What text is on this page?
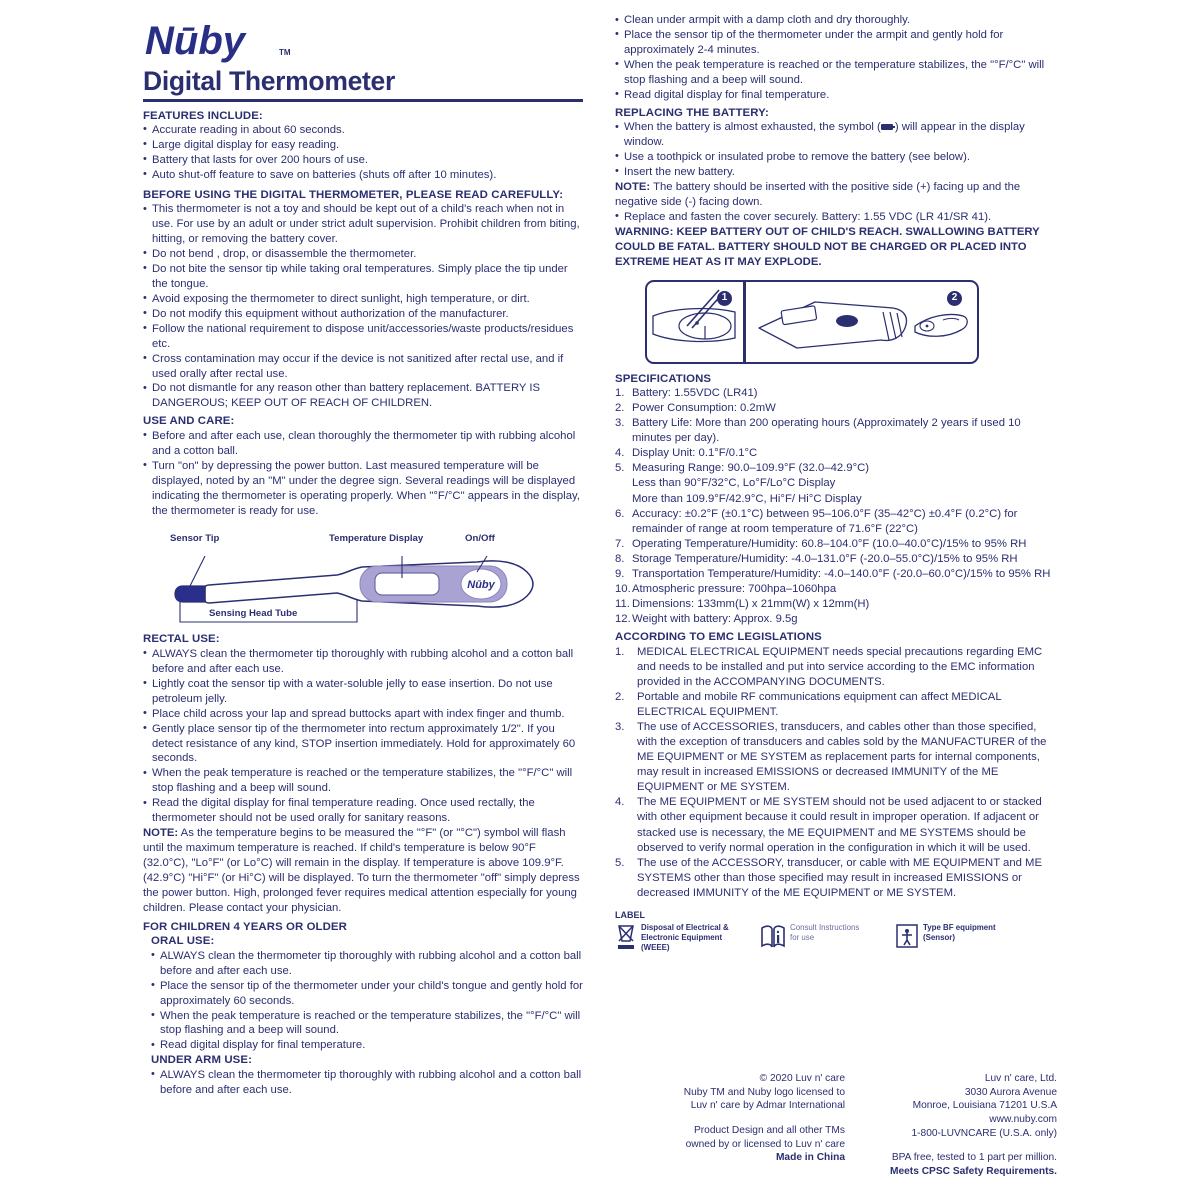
Nūby	TM
Digital Thermometer
FEATURES INCLUDE:
• Accurate reading in about 60 seconds.
• Large digital display for easy reading.
• Battery that lasts for over 200 hours of use.
• Auto shut-off feature to save on batteries (shuts off after 10 minutes).
BEFORE USING THE DIGITAL THERMOMETER, PLEASE READ CAREFULLY:
• This thermometer is not a toy and should be kept out of a child's reach when not in use. For use by an adult or under strict adult supervision. Prohibit children from biting, hitting, or removing the battery cover.
• Do not bend , drop, or disassemble the thermometer.
• Do not bite the sensor tip while taking oral temperatures. Simply place the tip under the tongue.
• Avoid exposing the thermometer to direct sunlight, high temperature, or dirt.
• Do not modify this equipment without authorization of the manufacturer.
• Follow the national requirement to dispose unit/accessories/waste products/residues etc.
• Cross contamination may occur if the device is not sanitized after rectal use, and if used orally after rectal use.
• Do not dismantle for any reason other than battery replacement. BATTERY IS DANGEROUS; KEEP OUT OF REACH OF CHILDREN.
USE AND CARE:
• Before and after each use, clean thoroughly the thermometer tip with rubbing alcohol and a cotton ball.
• Turn "on" by depressing the power button. Last measured temperature will be displayed, noted by an "M" under the degree sign. Several readings will be displayed indicating the thermometer is operating properly. When "°F/°C" appears in the display, the thermometer is ready for use.
Nūby
Sensor Tip	Temperature Display	On/Off
Sensing Head Tube
RECTAL USE:
• ALWAYS clean the thermometer tip thoroughly with rubbing alcohol and a cotton ball before and after each use.
• Lightly coat the sensor tip with a water-soluble jelly to ease insertion. Do not use petroleum jelly.
• Place child across your lap and spread buttocks apart with index finger and thumb.
• Gently place sensor tip of the thermometer into rectum approximately 1/2". If you detect resistance of any kind, STOP insertion immediately. Hold for approximately 60 seconds.
• When the peak temperature is reached or the temperature stabilizes, the "°F/°C" will stop flashing and a beep will sound.
• Read the digital display for final temperature reading. Once used rectally, the thermometer should not be used orally for sanitary reasons.

NOTE: As the temperature begins to be measured the "°F" (or "°C") symbol will flash until the maximum temperature is reached. If child's temperature is below 90°F (32.0°C), "Lo°F" (or Lo°C) will remain in the display. If temperature is above 109.9°F. (42.9°C) "Hi°F" (or Hi°C) will be displayed. To turn the thermometer "off" simply depress the power button. High, prolonged fever requires medical attention especially for young children. Please contact your physician.

FOR CHILDREN 4 YEARS OR OLDER
ORAL USE:
• ALWAYS clean the thermometer tip thoroughly with rubbing alcohol and a cotton ball before and after each use.
• Place the sensor tip of the thermometer under your child's tongue and gently hold for approximately 60 seconds.
• When the peak temperature is reached or the temperature stabilizes, the "°F/°C" will stop flashing and a beep will sound.
• Read digital display for final temperature.
UNDER ARM USE:
• ALWAYS clean the thermometer tip thoroughly with rubbing alcohol and a cotton ball before and after each use.
• Clean under armpit with a damp cloth and dry thoroughly.
• Place the sensor tip of the thermometer under the armpit and gently hold for approximately 2-4 minutes.
• When the peak temperature is reached or the temperature stabilizes, the "°F/°C" will stop flashing and a beep will sound.
• Read digital display for final temperature.
REPLACING THE BATTERY:
• When the battery is almost exhausted, the symbol ( ) will appear in the display window.
• Use a toothpick or insulated probe to remove the battery (see below).
• Insert the new battery.

NOTE: The battery should be inserted with the positive side (+) facing up and the negative side (-) facing down.

• Replace and fasten the cover securely. Battery: 1.55 VDC (LR 41/SR 41).

WARNING: KEEP BATTERY OUT OF CHILD'S REACH. SWALLOWING BATTERY COULD BE FATAL. BATTERY SHOULD NOT BE CHARGED OR PLACED INTO EXTREME HEAT AS IT MAY EXPLODE.

1	2
SPECIFICATIONS
1. Battery: 1.55VDC (LR41)
2. Power Consumption: 0.2mW
3. Battery Life: More than 200 operating hours (Approximately 2 years if used 10 minutes per day).
4. Display Unit: 0.1°F/0.1°C
5. Measuring Range: 90.0–109.9°F (32.0–42.9°C)
Less than 90°F/32°C, Lo°F/Lo°C Display
More than 109.9°F/42.9°C, Hi°F/ Hi°C Display
6. Accuracy: ±0.2°F (±0.1°C) between 95–106.0°F (35–42°C) ±0.4°F (0.2°C) for remainder of range at room temperature of 71.6°F (22°C)
7. Operating Temperature/Humidity: 60.8–104.0°F (10.0–40.0°C)/15% to 95% RH
8. Storage Temperature/Humidity: -4.0–131.0°F (-20.0–55.0°C)/15% to 95% RH
9. Transportation Temperature/Humidity: -4.0–140.0°F (-20.0–60.0°C)/15% to 95% RH
10. Atmospheric pressure: 700hpa–1060hpa
11. Dimensions: 133mm(L) x 21mm(W) x 12mm(H)
12. Weight with battery: Approx. 9.5g
ACCORDING TO EMC LEGISLATIONS
1.	MEDICAL ELECTRICAL EQUIPMENT needs special precautions regarding EMC and needs to be installed and put into service according to the EMC information provided in the ACCOMPANYING DOCUMENTS.
2.	Portable and mobile RF communications equipment can affect MEDICAL ELECTRICAL EQUIPMENT.
3.	The use of ACCESSORIES, transducers, and cables other than those specified, with the exception of transducers and cables sold by the MANUFACTURER of the ME EQUIPMENT or ME SYSTEM as replacement parts for internal components, may result in increased EMISSIONS or decreased IMMUNITY of the ME EQUIPMENT or ME SYSTEM.
4.	The ME EQUIPMENT or ME SYSTEM should not be used adjacent to or stacked with other equipment because it could result in improper operation. If adjacent or stacked use is necessary, the ME EQUIPMENT and ME SYSTEMS should be observed to verify normal operation in the configuration in which it will be used.
5.	The use of the ACCESSORY, transducer, or cable with ME EQUIPMENT and ME SYSTEMS other than those specified may result in increased EMISSIONS or decreased IMMUNITY of the ME EQUIPMENT or ME SYSTEM.
LABEL
Disposal of Electrical &
Electronic Equipment
(WEEE)
Consult Instructions
for use
Type BF equipment
(Sensor)
© 2020 Luv n' care
Nuby TM and Nuby logo licensed to
Luv n' care by Admar International
Product Design and all other TMs
owned by or licensed to Luv n' care
Made in China
Luv n' care, Ltd.
3030 Aurora Avenue
Monroe, Louisiana 71201 U.S.A
www.nuby.com
1-800-LUVNCARE (U.S.A. only)
BPA free, tested to 1 part per million.
Meets CPSC Safety Requirements.
